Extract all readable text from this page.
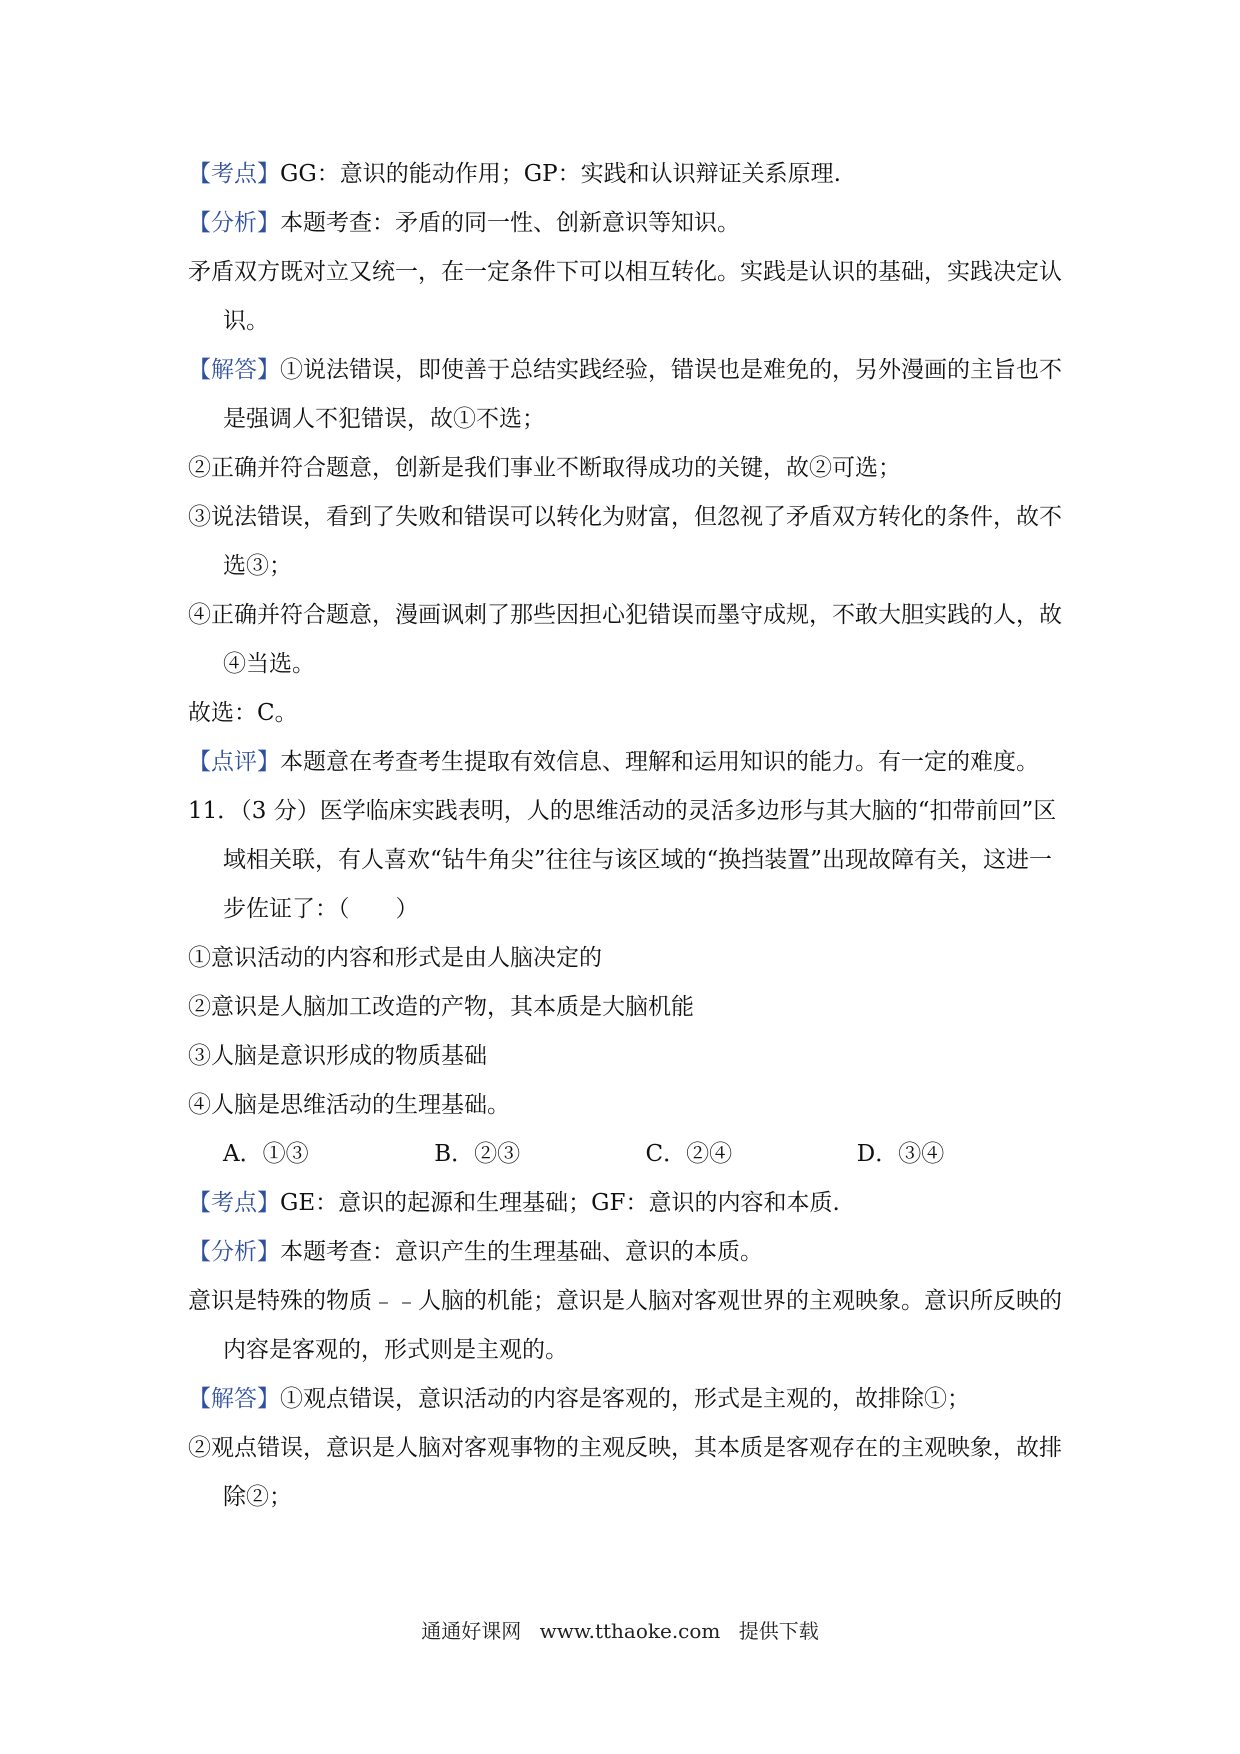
【考点】GG：意识的能动作用；GP：实践和认识辩证关系原理.

【分析】本题考查：矛盾的同一性、创新意识等知识。

矛盾双方既对立又统一，在一定条件下可以相互转化。实践是认识的基础，实践决定认识。

【解答】①说法错误，即使善于总结实践经验，错误也是难免的，另外漫画的主旨也不是强调人不犯错误，故①不选；

②正确并符合题意，创新是我们事业不断取得成功的关键，故②可选；

③说法错误，看到了失败和错误可以转化为财富，但忽视了矛盾双方转化的条件，故不选③；

④正确并符合题意，漫画讽刺了那些因担心犯错误而墨守成规，不敢大胆实践的人，故④当选。

故选：C。

【点评】本题意在考查考生提取有效信息、理解和运用知识的能力。有一定的难度。

11．（3 分）医学临床实践表明，人的思维活动的灵活多边形与其大脑的“扣带前回”区域相关联，有人喜欢“钻牛角尖”往往与该区域的“换挡装置”出现故障有关，这进一步佐证了：（　　）

①意识活动的内容和形式是由人脑决定的

②意识是人脑加工改造的产物，其本质是大脑机能

③人脑是意识形成的物质基础

④人脑是思维活动的生理基础。

A．①③	B．②③	C．②④	D．③④

【考点】GE：意识的起源和生理基础；GF：意识的内容和本质.

【分析】本题考查：意识产生的生理基础、意识的本质。

意识是特殊的物质﹣﹣人脑的机能；意识是人脑对客观世界的主观映象。意识所反映的内容是客观的，形式则是主观的。

【解答】①观点错误，意识活动的内容是客观的，形式是主观的，故排除①；

②观点错误，意识是人脑对客观事物的主观反映，其本质是客观存在的主观映象，故排除②；

通通好课网 www.tthaoke.com 提供下载
